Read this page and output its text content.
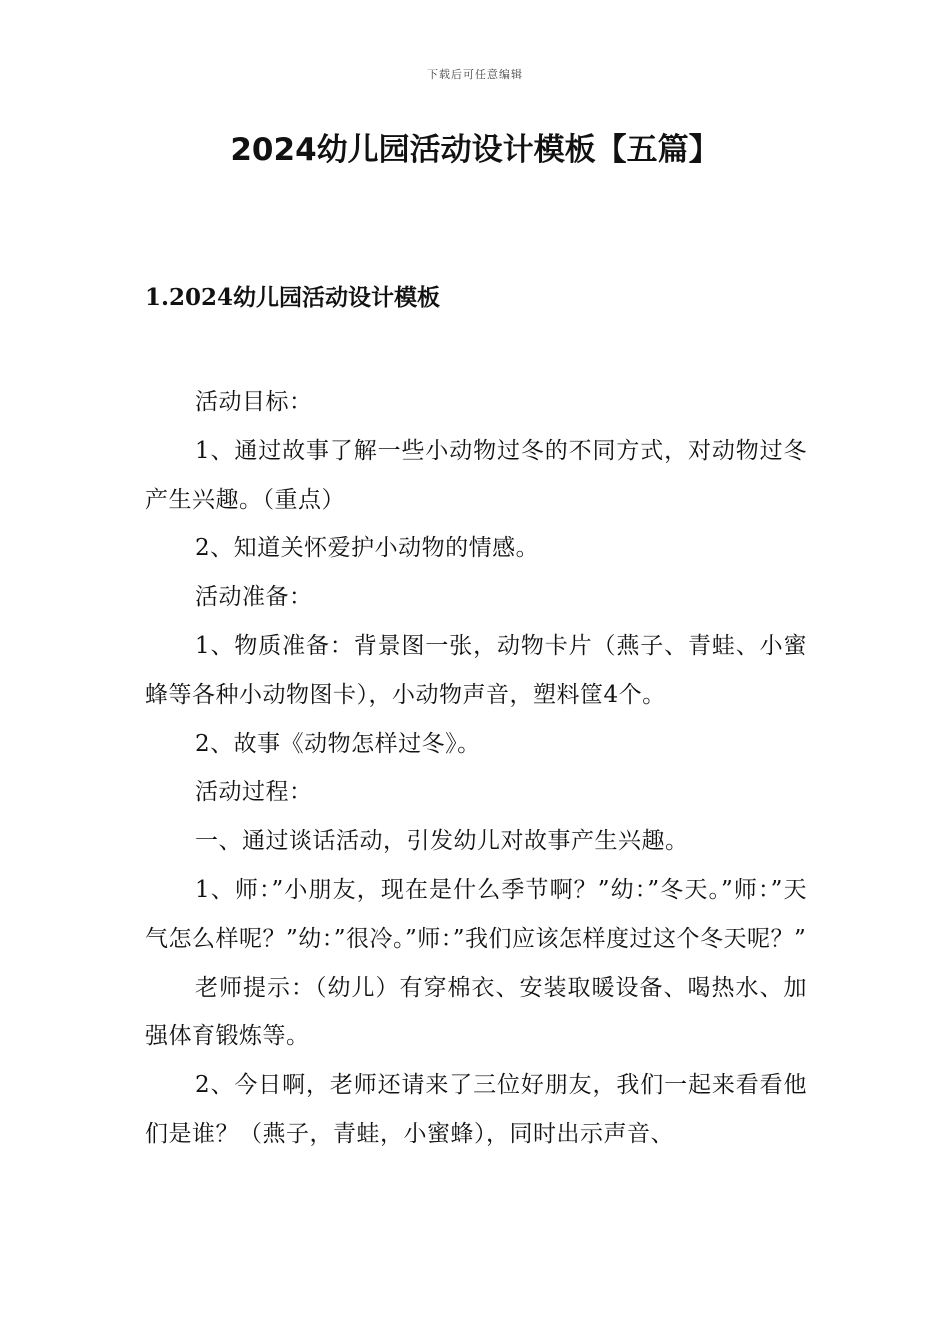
下载后可任意编辑
2024幼儿园活动设计模板【五篇】
1.2024幼儿园活动设计模板

活动目标：

1、通过故事了解一些小动物过冬的不同方式，对动物过冬产生兴趣。（重点）

2、知道关怀爱护小动物的情感。

活动准备：

1、物质准备：背景图一张，动物卡片（燕子、青蛙、小蜜蜂等各种小动物图卡），小动物声音，塑料筐4个。

2、故事《动物怎样过冬》。

活动过程：

一、通过谈话活动，引发幼儿对故事产生兴趣。

1、师：”小朋友，现在是什么季节啊？”幼：”冬天。”师：”天气怎么样呢？”幼：”很冷。”师：”我们应该怎样度过这个冬天呢？”

老师提示：（幼儿）有穿棉衣、安装取暖设备、喝热水、加强体育锻炼等。

2、今日啊，老师还请来了三位好朋友，我们一起来看看他们是谁？（燕子，青蛙，小蜜蜂），同时出示声音、
